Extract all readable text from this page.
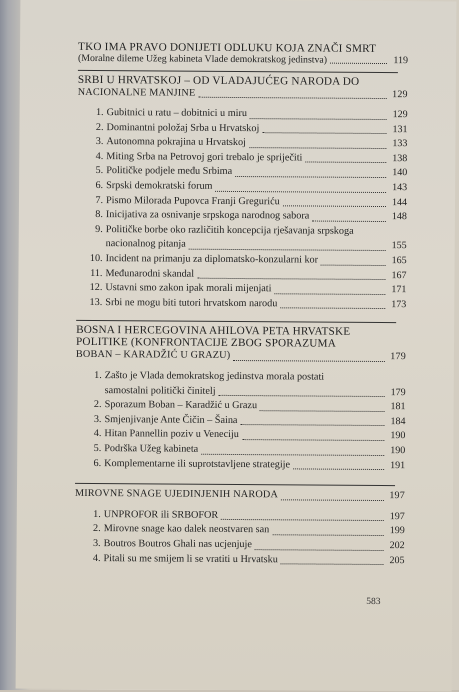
TKO IMA PRAVO DONIJETI ODLUKU KOJA ZNAČI SMRT
(Moralne dileme Užeg kabineta Vlade demokratskog jedinstva)	119
SRBI U HRVATSKOJ – OD VLADAJUĆEG NARODA DO
NACIONALNE MANJINE	129
1. Gubitnici u ratu – dobitnici u miru	129
2. Dominantni položaj Srba u Hrvatskoj	131
3. Autonomna pokrajina u Hrvatskoj	133
4. Miting Srba na Petrovoj gori trebalo je spriječiti	138
5. Političke podjele među Srbima	140
6. Srpski demokratski forum	143
7. Pismo Milorada Pupovca Franji Greguriću	144
8. Inicijativa za osnivanje srpskoga narodnog sabora	148
9. Političke borbe oko različitih koncepcija rješavanja srpskoga
nacionalnog pitanja	155
10. Incident na primanju za diplomatsko-konzularni kor	165
11. Međunarodni skandal	167
12. Ustavni smo zakon ipak morali mijenjati	171
13. Srbi ne mogu biti tutori hrvatskom narodu	173
BOSNA I HERCEGOVINA AHILOVA PETA HRVATSKE
POLITIKE (KONFRONTACIJE ZBOG SPORAZUMA
BOBAN – KARADŽIĆ U GRAZU)	179
1. Zašto je Vlada demokratskog jedinstva morala postati
samostalni politički činitelj	179
2. Sporazum Boban – Karadžić u Grazu	181
3. Smjenjivanje Ante Čičin – Šaina	184
4. Hitan Pannellin poziv u Veneciju	190
5. Podrška Užeg kabineta	190
6. Komplementarne ili suprotstavljene strategije	191
MIROVNE SNAGE UJEDINJENIH NARODA	197
1. UNPROFOR ili SRBOFOR	197
2. Mirovne snage kao dalek neostvaren san	199
3. Boutros Boutros Ghali nas ucjenjuje	202
4. Pitali su me smijem li se vratiti u Hrvatsku	205
583
